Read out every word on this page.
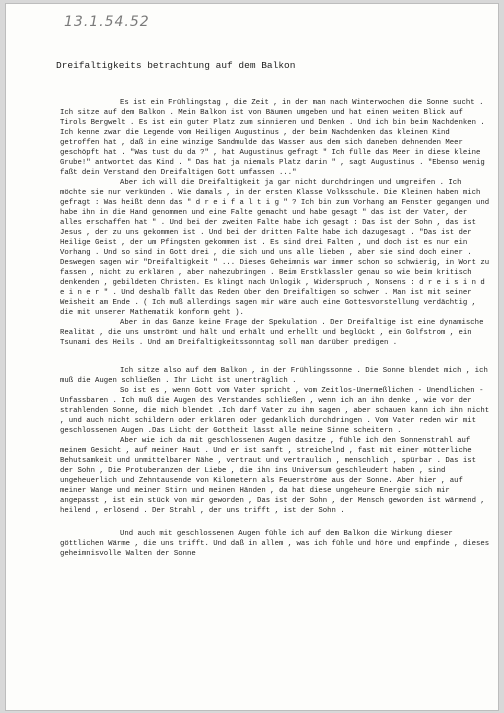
13.1.54.52
Dreifaltigkeits betrachtung auf dem Balkon

Es ist ein Frühlingstag , die Zeit , in der man nach Winterwochen die Sonne sucht . Ich sitze auf dem Balkon . Mein Balkon ist von Bäumen umgeben und hat einen weiten Blick auf Tirols Bergwelt . Es ist ein guter Platz zum sinnieren und Denken . Und ich bin beim Nachdenken . Ich kenne zwar die Legende vom Heiligen Augustinus , der beim Nachdenken das kleinen Kind getroffen hat , daß in eine winzige Sandmulde das Wasser aus dem sich daneben dehnenden Meer geschöpft hat . "Was tust du da ?" , hat Augustinus gefragt " Ich fülle das Meer in diese kleine Grube!" antwortet das Kind . " Das hat ja niemals Platz darin " , sagt Augustinus . "Ebenso wenig faßt dein Verstand den Dreifaltigen Gott umfassen ..."

Aber ich will die Dreifaltigkeit ja gar nicht durchdringen und umgreifen . Ich möchte sie nur verkünden . Wie damals , in der ersten Klasse Volksschule. Die Kleinen haben mich gefragt : Was heißt denn das " d r e i f a l t i g " ? Ich bin zum Vorhang am Fenster gegangen und habe ihn in die Hand genommen und eine Falte gemacht und habe gesagt " das ist der Vater, der alles erschaffen hat " . Und bei der zweiten Falte habe ich gesagt : Das ist der Sohn , das ist Jesus , der zu uns gekommen ist . Und bei der dritten Falte habe ich dazugesagt . "Das ist der Heilige Geist , der um Pfingsten gekommen ist . Es sind drei Falten , und doch ist es nur ein Vorhang . Und so sind in Gott drei , die sich und uns alle lieben , aber sie sind doch einer . Deswegen sagen wir "Dreifaltigkeit " ... Dieses Geheimnis war immer schon so schwierig, in Wort zu fassen , nicht zu erklären , aber nahezubringen . Beim Erstklassler genau so wie beim kritisch denkenden , gebildeten Christen. Es klingt nach Unlogik , Widerspruch , Nonsens : d r e i s i n d e i n e r " . Und deshalb fällt das Reden über den Dreifaltigen so schwer . Man ist mit seiner Weisheit am Ende . ( Ich muß allerdings sagen mir wäre auch eine Gottesvorstellung verdächtig , die mit unserer Mathematik konform geht ).

Aber in das Ganze keine Frage der Spekulation . Der Dreifaltige ist eine dynamische Realität , die uns umströmt und hält und erhält und erhellt und beglückt , ein Golfstrom , ein Tsunami des Heils . Und am Dreifaltigkeitssonntag soll man darüber predigen .

Ich sitze also auf dem Balkon , in der Frühlingssonne . Die Sonne blendet mich , ich muß die Augen schließen . Ihr Licht ist unerträglich .

So ist es , wenn Gott vom Vater spricht , vom Zeitlos-Unermeßlichen - Unendlichen - Unfassbaren . Ich muß die Augen des Verstandes schließen , wenn ich an ihn denke , wie vor der strahlenden Sonne, die mich blendet .Ich darf Vater zu ihm sagen , aber schauen kann ich ihn nicht , und auch nicht schildern oder erklären oder gedanklich durchdringen . Vom Vater reden wir mit geschlossenen Augen .Das Licht der Gottheit lässt alle meine Sinne scheitern .

Aber wie ich da mit geschlossenen Augen dasitze , fühle ich den Sonnenstrahl auf meinem Gesicht , auf meiner Haut . Und er ist sanft , streichelnd , fast mit einer mütterliche Behutsamkeit und unmittelbarer Nähe , vertraut und vertraulich , menschlich , spürbar . Das ist der Sohn , Die Protuberanzen der Liebe , die ihn ins Universum geschleudert haben , sind ungeheuerlich und Zehntausende von Kilometern als Feuerströme aus der Sonne. Aber hier , auf meiner Wange und meiner Stirn und meinen Händen , da hat diese ungeheure Energie sich mir angepasst , ist ein stück von mir geworden , Das ist der Sohn , der Mensch geworden ist wärmend , heilend , erlösend . Der Strahl , der uns trifft , ist der Sohn .

Und auch mit geschlossenen Augen fühle ich auf dem Balkon die Wirkung dieser göttlichen Wärme , die uns trifft. Und daß in allem , was ich fühle und höre und empfinde , dieses geheimnisvolle Walten der Sonne
